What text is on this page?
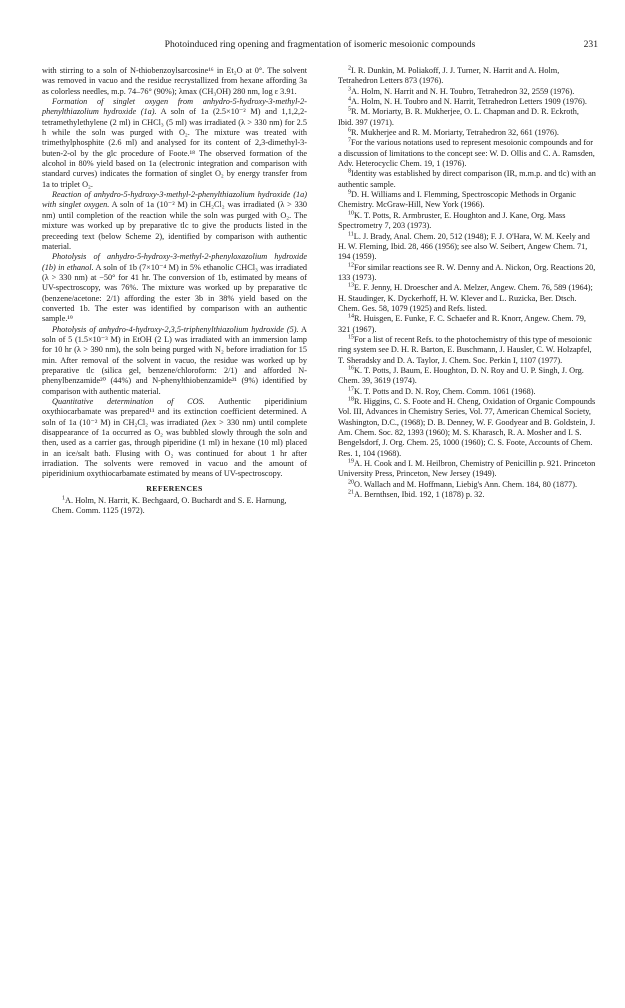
Photoinduced ring opening and fragmentation of isomeric mesoionic compounds	231

with stirring to a soln of N-thiobenzoylsarcosine¹⁶ in Et₂O at 0°. The solvent was removed in vacuo and the residue recrystallized from hexane affording 3a as colorless needles, m.p. 74–76° (90%); λmax (CH₃OH) 280 nm, log ε 3.91.

Formation of singlet oxygen from anhydro-5-hydroxy-3-methyl-2-phenylthiazolium hydroxide (1a). A soln of 1a (2.5×10⁻² M) and 1,1,2,2-tetramethylethylene (2 ml) in CHCl₃ (5 ml) was irradiated (λ > 330 nm) for 2.5 h while the soln was purged with O₂. The mixture was treated with trimethylphosphite (2.6 ml) and analysed for its content of 2,3-dimethyl-3-buten-2-ol by the glc procedure of Foote.¹⁸ The observed formation of the alcohol in 80% yield based on 1a (electronic integration and comparison with standard curves) indicates the formation of singlet O₂ by energy transfer from 1a to triplet O₂.

Reaction of anhydro-5-hydroxy-3-methyl-2-phenylthiazolium hydroxide (1a) with singlet oxygen. A soln of 1a (10⁻² M) in CH₂Cl₂ was irradiated (λ > 330 nm) until completion of the reaction while the soln was purged with O₂. The mixture was worked up by preparative tlc to give the products listed in the preceeding text (below Scheme 2), identified by comparison with authentic material.

Photolysis of anhydro-5-hydroxy-3-methyl-2-phenyloxazolium hydroxide (1b) in ethanol. A soln of 1b (7×10⁻⁴ M) in 5% ethanolic CHCl₃ was irradiated (λ > 330 nm) at −50° for 41 hr. The conversion of 1b, estimated by means of UV-spectroscopy, was 76%. The mixture was worked up by preparative tlc (benzene/acetone: 2/1) affording the ester 3b in 38% yield based on the converted 1b. The ester was identified by comparison with an authentic sample.¹⁹

Photolysis of anhydro-4-hydroxy-2,3,5-triphenylthiazolium hydroxide (5). A soln of 5 (1.5×10⁻³ M) in EtOH (2 L) was irradiated with an immersion lamp for 10 hr (λ > 390 nm), the soln being purged with N₂ before irradiation for 15 min. After removal of the solvent in vacuo, the residue was worked up by preparative tlc (silica gel, benzene/chloroform: 2/1) and afforded N-phenylbenzamide²⁰ (44%) and N-phenylthiobenzamide²¹ (9%) identified by comparison with authentic material.

Quantitative determination of COS. Authentic piperidinium oxythiocarbamate was prepared¹¹ and its extinction coefficient determined. A soln of 1a (10⁻² M) in CH₂Cl₂ was irradiated (λex > 330 nm) until complete disappearance of 1a occurred as O₂ was bubbled slowly through the soln and then, used as a carrier gas, through piperidine (1 ml) in hexane (10 ml) placed in an ice/salt bath. Flusing with O₂ was continued for about 1 hr after irradiation. The solvents were removed in vacuo and the amount of piperidinium oxythiocarbamate estimated by means of UV-spectroscopy.

REFERENCES

$^1$A. Holm, N. Harrit, K. Bechgaard, O. Buchardt and S. E. Harnung, Chem. Comm. 1125 (1972).

$^2$I. R. Dunkin, M. Poliakoff, J. J. Turner, N. Harrit and A. Holm, Tetrahedron Letters 873 (1976).

$^3$A. Holm, N. Harrit and N. H. Toubro, Tetrahedron 32, 2559 (1976).

$^4$A. Holm, N. H. Toubro and N. Harrit, Tetrahedron Letters 1909 (1976).

$^5$R. M. Moriarty, B. R. Mukherjee, O. L. Chapman and D. R. Eckroth, Ibid. 397 (1971).

$^6$R. Mukherjee and R. M. Moriarty, Tetrahedron 32, 661 (1976).

$^7$For the various notations used to represent mesoionic compounds and for a discussion of limitations to the concept see: W. D. Ollis and C. A. Ramsden, Adv. Heterocyclic Chem. 19, 1 (1976).

$^8$Identity was established by direct comparison (IR, m.m.p. and tlc) with an authentic sample.

$^9$D. H. Williams and I. Flemming, Spectroscopic Methods in Organic Chemistry. McGraw-Hill, New York (1966).

$^{10}$K. T. Potts, R. Armbruster, E. Houghton and J. Kane, Org. Mass Spectrometry 7, 203 (1973).

$^{11}$L. J. Brady, Anal. Chem. 20, 512 (1948); F. J. O'Hara, W. M. Keely and H. W. Fleming, Ibid. 28, 466 (1956); see also W. Seibert, Angew Chem. 71, 194 (1959).

$^{12}$For similar reactions see R. W. Denny and A. Nickon, Org. Reactions 20, 133 (1973).

$^{13}$E. F. Jenny, H. Droescher and A. Melzer, Angew. Chem. 76, 589 (1964); H. Staudinger, K. Dyckerhoff, H. W. Klever and L. Ruzicka, Ber. Dtsch. Chem. Ges. 58, 1079 (1925) and Refs. listed.

$^{14}$R. Huisgen, E. Funke, F. C. Schaefer and R. Knorr, Angew. Chem. 79, 321 (1967).

$^{15}$For a list of recent Refs. to the photochemistry of this type of mesoionic ring system see D. H. R. Barton, E. Buschmann, J. Hausler, C. W. Holzapfel, T. Sheradsky and D. A. Taylor, J. Chem. Soc. Perkin I, 1107 (1977).

$^{16}$K. T. Potts, J. Baum, E. Houghton, D. N. Roy and U. P. Singh, J. Org. Chem. 39, 3619 (1974).

$^{17}$K. T. Potts and D. N. Roy, Chem. Comm. 1061 (1968).

$^{18}$R. Higgins, C. S. Foote and H. Cheng, Oxidation of Organic Compounds Vol. III, Advances in Chemistry Series, Vol. 77, American Chemical Society, Washington, D.C., (1968); D. B. Denney, W. F. Goodyear and B. Goldstein, J. Am. Chem. Soc. 82, 1393 (1960); M. S. Kharasch, R. A. Mosher and I. S. Bengelsdorf, J. Org. Chem. 25, 1000 (1960); C. S. Foote, Accounts of Chem. Res. 1, 104 (1968).

$^{19}$A. H. Cook and I. M. Heilbron, Chemistry of Penicillin p. 921. Princeton University Press, Princeton, New Jersey (1949).

$^{20}$O. Wallach and M. Hoffmann, Liebig's Ann. Chem. 184, 80 (1877).

$^{21}$A. Bernthsen, Ibid. 192, 1 (1878) p. 32.
